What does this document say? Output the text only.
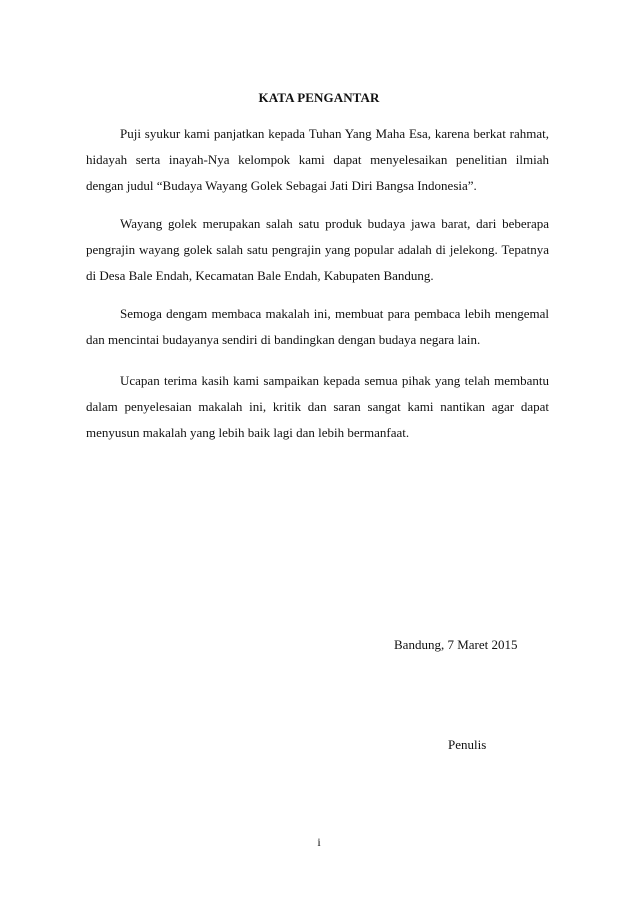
KATA PENGANTAR
Puji syukur kami panjatkan kepada Tuhan Yang Maha Esa, karena berkat rahmat,
hidayah serta inayah-Nya kelompok kami dapat menyelesaikan penelitian ilmiah
dengan judul “Budaya Wayang Golek Sebagai Jati Diri Bangsa Indonesia”.
Wayang golek merupakan salah satu produk budaya jawa barat, dari beberapa
pengrajin wayang golek salah satu pengrajin yang popular adalah di jelekong. Tepatnya
di Desa Bale Endah, Kecamatan Bale Endah, Kabupaten Bandung.
Semoga dengam membaca makalah ini, membuat para pembaca lebih mengemal
dan mencintai budayanya sendiri di bandingkan dengan budaya negara lain.
Ucapan terima kasih kami sampaikan kepada semua pihak yang telah membantu
dalam penyelesaian makalah ini, kritik dan saran sangat kami nantikan agar dapat
menyusun makalah yang lebih baik lagi dan lebih bermanfaat.
Bandung, 7 Maret 2015
Penulis
i
